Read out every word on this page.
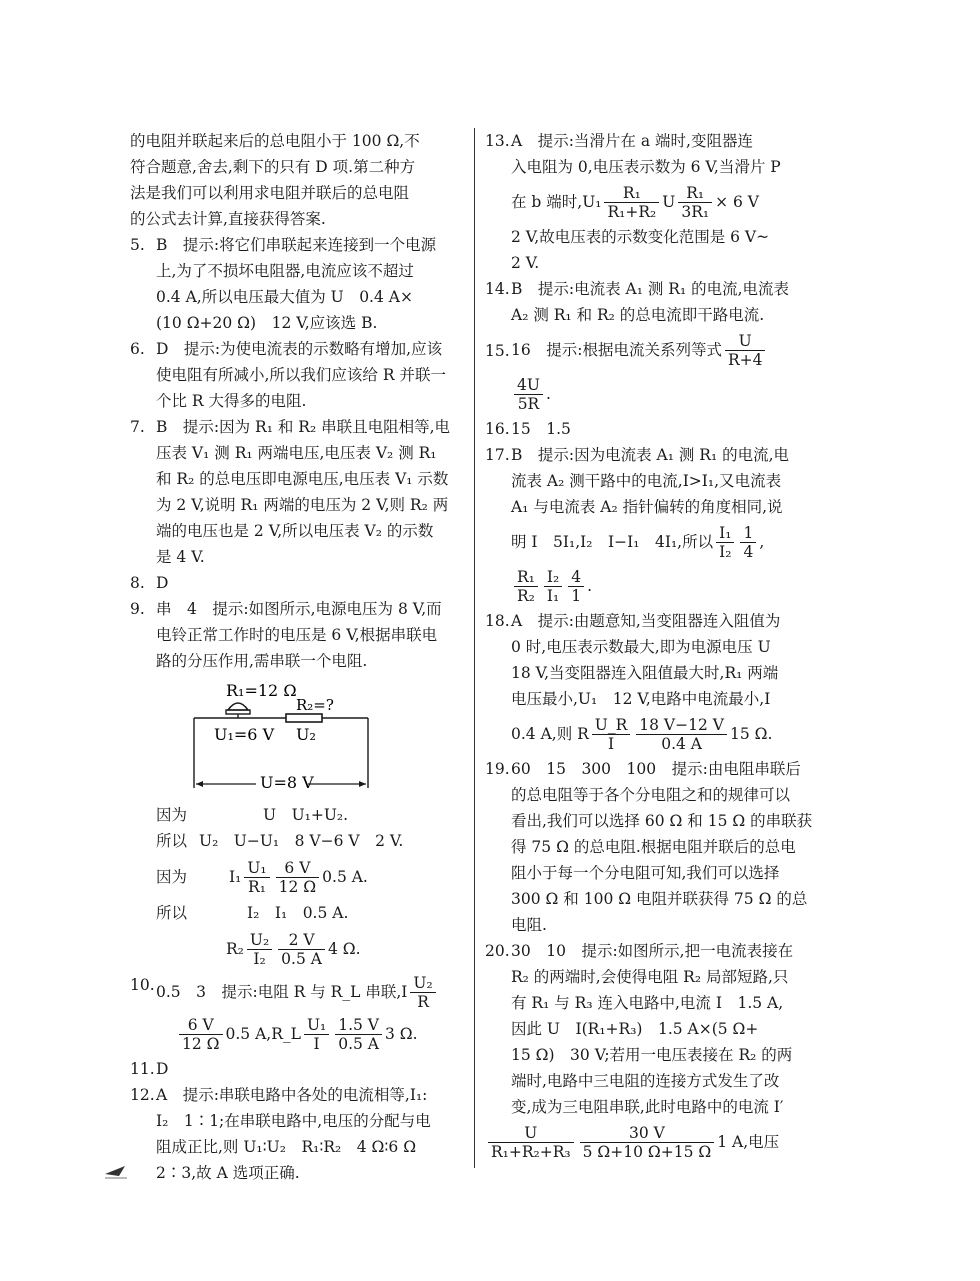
的电阻并联起来后的总电阻小于 100 Ω,不
符合题意,舍去,剩下的只有 D 项.第二种方
法是我们可以利用求电阻并联后的总电阻
的公式去计算,直接获得答案.
5. B　提示:将它们串联起来连接到一个电源
上,为了不损坏电阻器,电流应该不超过
0.4 A,所以电压最大值为 U　0.4 A×
(10 Ω+20 Ω)　12 V,应该选 B.
6. D　提示:为使电流表的示数略有增加,应该
使电阻有所减小,所以我们应该给 R 并联一
个比 R 大得多的电阻.
7. B　提示:因为 R₁ 和 R₂ 串联且电阻相等,电
压表 V₁ 测 R₁ 两端电压,电压表 V₂ 测 R₁
和 R₂ 的总电压即电源电压,电压表 V₁ 示数
为 2 V,说明 R₁ 两端的电压为 2 V,则 R₂ 两
端的电压也是 2 V,所以电压表 V₂ 的示数
是 4 V.
8. D
9. 串　4　提示:如图所示,电源电压为 8 V,而
电铃正常工作时的电压是 6 V,根据串联电
路的分压作用,需串联一个电阻.
R₁=12 Ω
R₂=?
U₁=6 V U₂
U=8 V
因为	U　U₁+U₂.
所以 U₂　U−U₁　8 V−6 V　2 V.
因为	$I_1 \frac{\text{U₁}}{\text{R₁}} \frac{6 V}{12 \Omega} 0.5$ A.
所以	I₂　I₁　0.5 A.
$R_2 \frac{\text{U₂}}{\text{I₂}} \frac{2 V}{0.5 A} 4$ Ω.
10. 0.5　3　提示:电阻 R 与 R_L 串联$,I \frac{\text{U₂}}{R}$
$\frac{6 V}{12 \Omega} 0.5$ A,R_L $\frac{\text{U₁}}{I} \frac{1.5 V}{0.5 A} 3$ Ω.
11. D
12. A　提示:串联电路中各处的电流相等,I₁:
I₂　1∶1;在串联电路中,电压的分配与电
阻成正比,则 U₁∶U₂　R₁∶R₂　4 Ω∶6 Ω
2∶3,故 A 选项正确.
13. A　提示:当滑片在 a 端时,变阻器连
入电阻为 0,电压表示数为 6 V,当滑片 P
在 b 端时$,U_1 \frac{\text{R₁}}{\text{R₁+R₂}}$ U $\frac{\text{R₁}}{\text{3R₁}} \times 6$ V
2 V,故电压表的示数变化范围是 6 V~
2 V.
14. B　提示:电流表 A₁ 测 R₁ 的电流,电流表
A₂ 测 R₁ 和 R₂ 的总电流即干路电流.
15. 16　提示:根据电流关系列等式 $\frac{U}{R+4}$
$\frac{4U}{5R}$ .
16. 15　1.5
17. B　提示:因为电流表 A₁ 测 R₁ 的电流,电
流表 A₂ 测干路中的电流,I>I₁,又电流表
A₁ 与电流表 A₂ 指针偏转的角度相同,说
明 I　5I₁,I₂　I−I₁　4I₁,所以 $\frac{\text{I₁}}{\text{I₂}} \frac{1}{4}$ ,
$\frac{\text{R₁}}{\text{R₂}} \frac{\text{I₂}}{\text{I₁}} \frac{4}{1}$ .
18. A　提示:由题意知,当变阻器连入阻值为
0 时,电压表示数最大,即为电源电压 U
18 V,当变阻器连入阻值最大时,R₁ 两端
电压最小,U₁　12 V,电路中电流最小,I
0.4 A,则 R $\frac{U\_R}{I} \frac{18 V-12 V}{0.4 A} 15$ Ω.
19. 60　15　300　100　提示:由电阻串联后
的总电阻等于各个分电阻之和的规律可以
看出,我们可以选择 60 Ω 和 15 Ω 的串联获
得 75 Ω 的总电阻.根据电阻并联后的总电
阻小于每一个分电阻可知,我们可以选择
300 Ω 和 100 Ω 电阻并联获得 75 Ω 的总
电阻.
20. 30　10　提示:如图所示,把一电流表接在
R₂ 的两端时,会使得电阻 R₂ 局部短路,只
有 R₁ 与 R₃ 连入电路中,电流 I　1.5 A,
因此 U　I(R₁+R₃)　1.5 A×(5 Ω+
15 Ω)　30 V;若用一电压表接在 R₂ 的两
端时,电路中三电阻的连接方式发生了改
变,成为三电阻串联,此时电路中的电流 I′
$\frac{U}{\text{R₁+R₂+R₃}} \frac{30 V}{5 \Omega+10 \Omega+15 \Omega} 1$ A,电压
